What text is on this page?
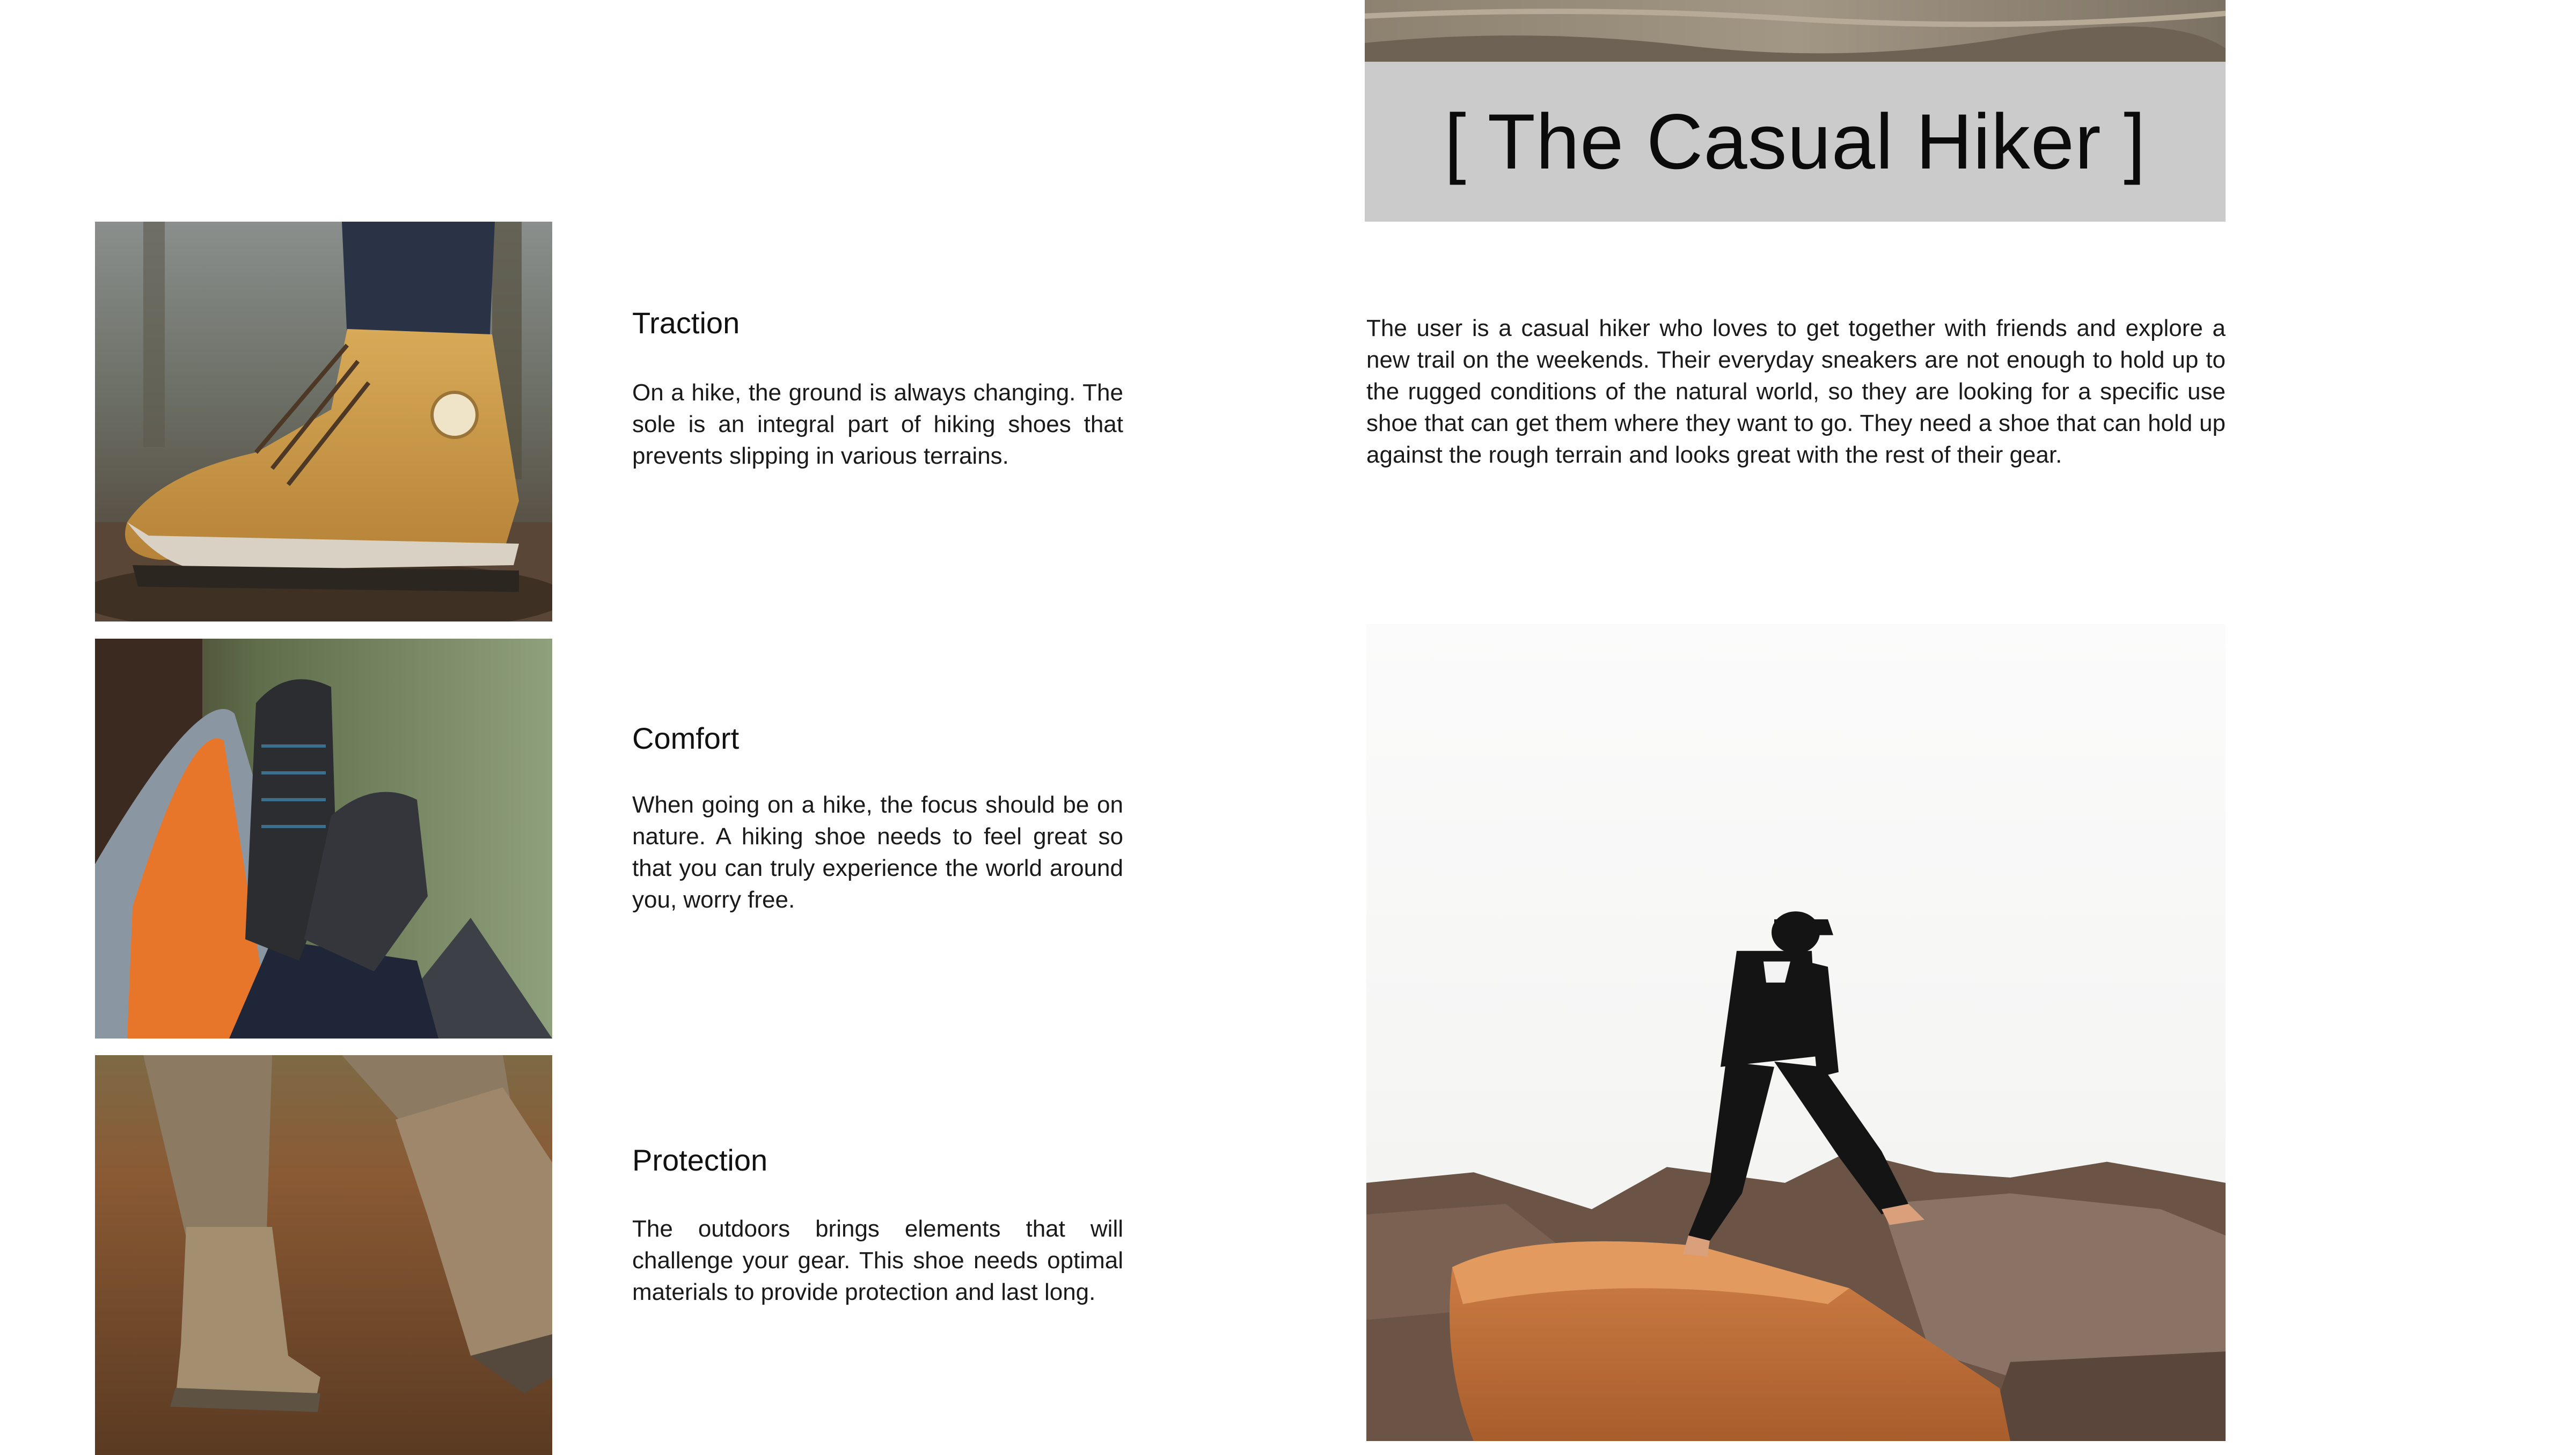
Traction

On a hike, the ground is always changing. The sole is an integral part of hiking shoes that prevents slipping in various terrains.

Comfort

When going on a hike, the focus should be on nature. A hiking shoe needs to feel great so that you can truly experience the world around you, worry free.

Protection

The outdoors brings elements that will challenge your gear. This shoe needs optimal materials to provide protection and last long.

[ The Casual Hiker ]

The user is a casual hiker who loves to get together with friends and explore a new trail on the weekends. Their everyday sneakers are not enough to hold up to the rugged conditions of the natural world, so they are looking for a specific use shoe that can get them where they want to go. They need a shoe that can hold up against the rough terrain and looks great with the rest of their gear.
